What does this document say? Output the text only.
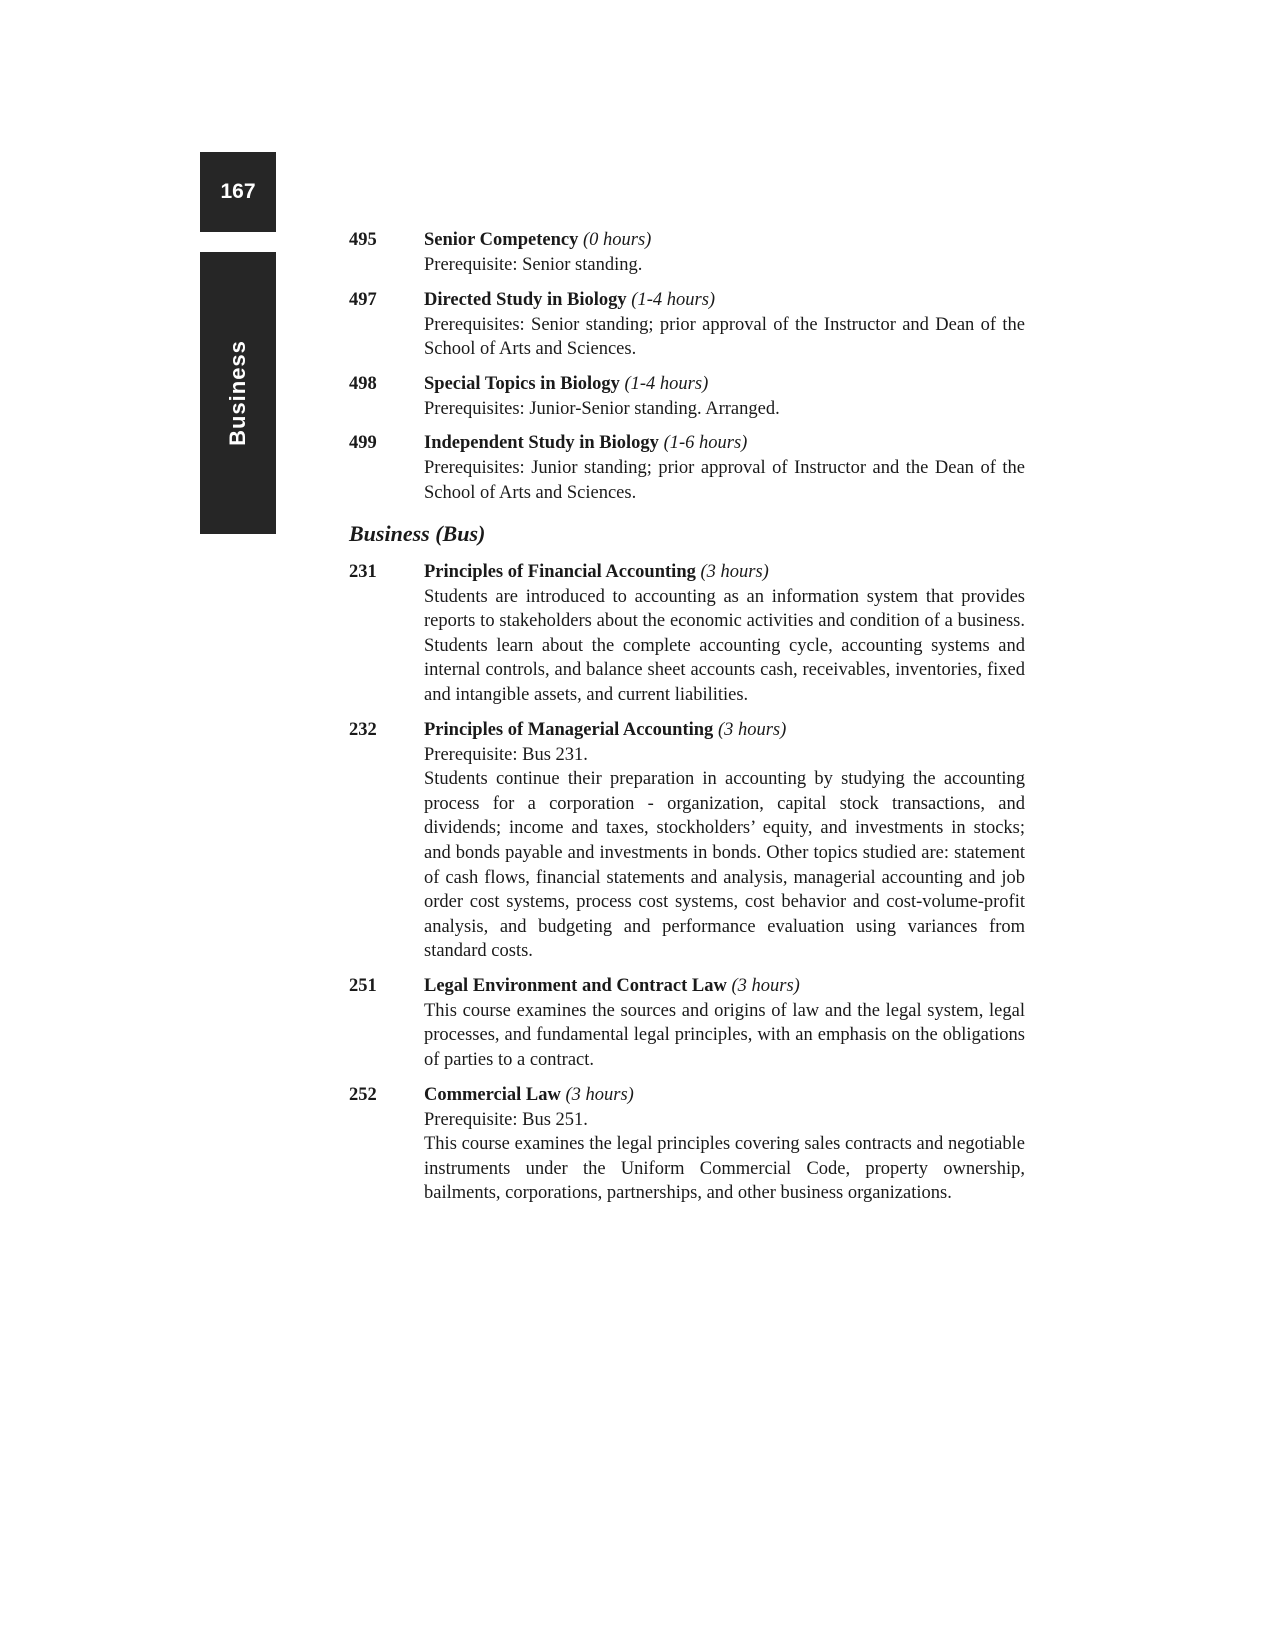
167
Business
495	Senior Competency (0 hours)
Prerequisite: Senior standing.
497	Directed Study in Biology (1-4 hours)
Prerequisites: Senior standing; prior approval of the Instructor and Dean of the School of Arts and Sciences.
498	Special Topics in Biology (1-4 hours)
Prerequisites: Junior-Senior standing. Arranged.
499	Independent Study in Biology (1-6 hours)
Prerequisites: Junior standing; prior approval of Instructor and the Dean of the School of Arts and Sciences.
Business (Bus)
231	Principles of Financial Accounting (3 hours)
Students are introduced to accounting as an information system that provides reports to stakeholders about the economic activities and condition of a business. Students learn about the complete accounting cycle, accounting systems and internal controls, and balance sheet accounts cash, receivables, inventories, fixed and intangible assets, and current liabilities.
232	Principles of Managerial Accounting (3 hours)
Prerequisite: Bus 231.
Students continue their preparation in accounting by studying the accounting process for a corporation - organization, capital stock transactions, and dividends; income and taxes, stockholders’ equity, and investments in stocks; and bonds payable and investments in bonds. Other topics studied are: statement of cash flows, financial statements and analysis, managerial accounting and job order cost systems, process cost systems, cost behavior and cost-volume-profit analysis, and budgeting and performance evaluation using variances from standard costs.
251	Legal Environment and Contract Law (3 hours)
This course examines the sources and origins of law and the legal system, legal processes, and fundamental legal principles, with an emphasis on the obligations of parties to a contract.
252	Commercial Law (3 hours)
Prerequisite: Bus 251.
This course examines the legal principles covering sales contracts and negotiable instruments under the Uniform Commercial Code, property ownership, bailments, corporations, partnerships, and other business organizations.
